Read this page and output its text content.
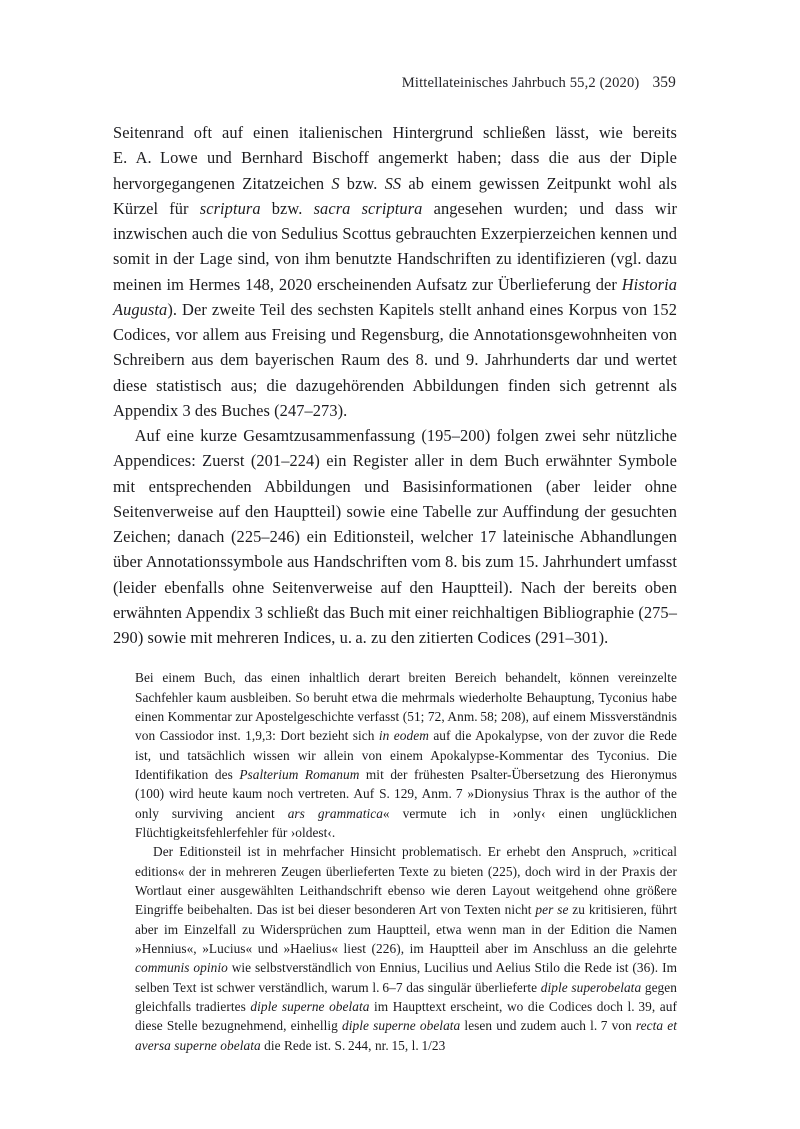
Mittellateinisches Jahrbuch 55,2 (2020) 359

Seitenrand oft auf einen italienischen Hintergrund schließen lässt, wie bereits E. A. Lowe und Bernhard Bischoff angemerkt haben; dass die aus der Diple hervorgegangenen Zitatzeichen S bzw. SS ab einem gewissen Zeitpunkt wohl als Kürzel für scriptura bzw. sacra scriptura angesehen wurden; und dass wir inzwischen auch die von Sedulius Scottus gebrauchten Exzerpierzeichen kennen und somit in der Lage sind, von ihm benutzte Handschriften zu identifizieren (vgl. dazu meinen im Hermes 148, 2020 erscheinenden Aufsatz zur Überlieferung der Historia Augusta). Der zweite Teil des sechsten Kapitels stellt anhand eines Korpus von 152 Codices, vor allem aus Freising und Regensburg, die Annotationsgewohnheiten von Schreibern aus dem bayerischen Raum des 8. und 9. Jahrhunderts dar und wertet diese statistisch aus; die dazugehörenden Abbildungen finden sich getrennt als Appendix 3 des Buches (247–273).

Auf eine kurze Gesamtzusammenfassung (195–200) folgen zwei sehr nützliche Appendices: Zuerst (201–224) ein Register aller in dem Buch erwähnter Symbole mit entsprechenden Abbildungen und Basisinformationen (aber leider ohne Seitenverweise auf den Hauptteil) sowie eine Tabelle zur Auffindung der gesuchten Zeichen; danach (225–246) ein Editionsteil, welcher 17 lateinische Abhandlungen über Annotationssymbole aus Handschriften vom 8. bis zum 15. Jahrhundert umfasst (leider ebenfalls ohne Seitenverweise auf den Hauptteil). Nach der bereits oben erwähnten Appendix 3 schließt das Buch mit einer reichhaltigen Bibliographie (275–290) sowie mit mehreren Indices, u. a. zu den zitierten Codices (291–301).

Bei einem Buch, das einen inhaltlich derart breiten Bereich behandelt, können vereinzelte Sachfehler kaum ausbleiben. So beruht etwa die mehrmals wiederholte Behauptung, Tyconius habe einen Kommentar zur Apostelgeschichte verfasst (51; 72, Anm. 58; 208), auf einem Missverständnis von Cassiodor inst. 1,9,3: Dort bezieht sich in eodem auf die Apokalypse, von der zuvor die Rede ist, und tatsächlich wissen wir allein von einem Apokalypse-Kommentar des Tyconius. Die Identifikation des Psalterium Romanum mit der frühesten Psalter-Übersetzung des Hieronymus (100) wird heute kaum noch vertreten. Auf S. 129, Anm. 7 »Dionysius Thrax is the author of the only surviving ancient ars grammatica« vermute ich in ›only‹ einen unglücklichen Flüchtigkeitsfehlerfehler für ›oldest‹.

Der Editionsteil ist in mehrfacher Hinsicht problematisch. Er erhebt den Anspruch, »critical editions« der in mehreren Zeugen überlieferten Texte zu bieten (225), doch wird in der Praxis der Wortlaut einer ausgewählten Leithandschrift ebenso wie deren Layout weitgehend ohne größere Eingriffe beibehalten. Das ist bei dieser besonderen Art von Texten nicht per se zu kritisieren, führt aber im Einzelfall zu Widersprüchen zum Hauptteil, etwa wenn man in der Edition die Namen »Hennius«, »Lucius« und »Haelius« liest (226), im Hauptteil aber im Anschluss an die gelehrte communis opinio wie selbstverständlich von Ennius, Lucilius und Aelius Stilo die Rede ist (36). Im selben Text ist schwer verständlich, warum l. 6–7 das singulär überlieferte diple superobelata gegen gleichfalls tradiertes diple superne obelata im Haupttext erscheint, wo die Codices doch l. 39, auf diese Stelle bezugnehmend, einhellig diple superne obelata lesen und zudem auch l. 7 von recta et aversa superne obelata die Rede ist. S. 244, nr. 15, l. 1/23
